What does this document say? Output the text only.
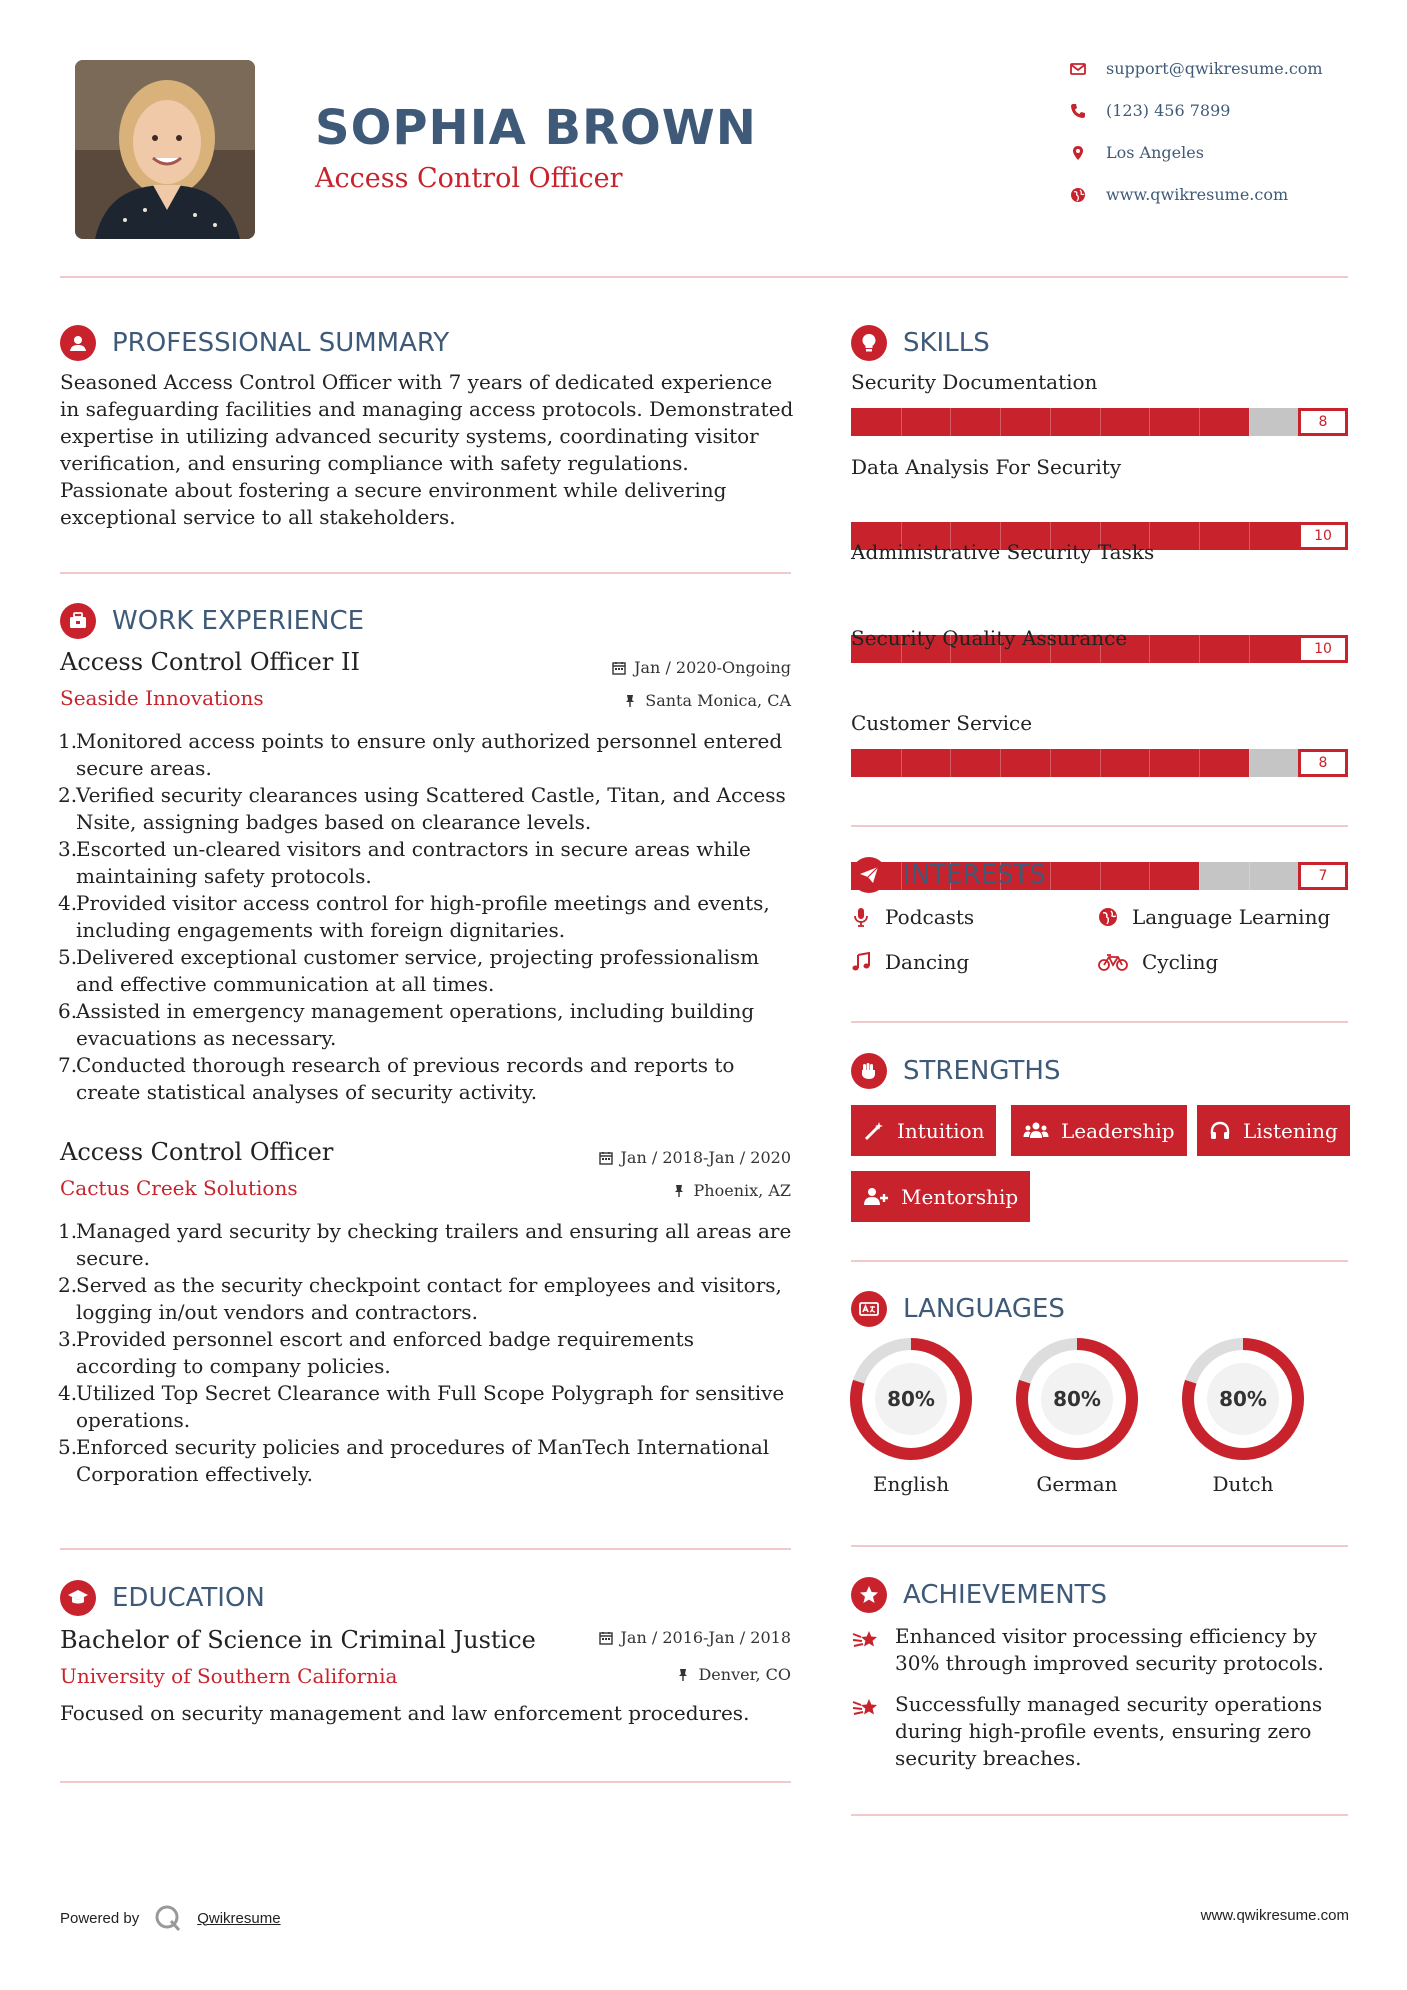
SOPHIA BROWN
Access Control Officer
support@qwikresume.com
(123) 456 7899
Los Angeles
www.qwikresume.com
PROFESSIONAL SUMMARY
Seasoned Access Control Officer with 7 years of dedicated experience in safeguarding facilities and managing access protocols. Demonstrated expertise in utilizing advanced security systems, coordinating visitor verification, and ensuring compliance with safety regulations. Passionate about fostering a secure environment while delivering exceptional service to all stakeholders.
WORK EXPERIENCE
Access Control Officer II	Jan / 2020-Ongoing
Seaside Innovations	Santa Monica, CA
1.
Monitored access points to ensure only authorized personnel entered secure areas.
2.
Verified security clearances using Scattered Castle, Titan, and Access Nsite, assigning badges based on clearance levels.
3.
Escorted un-cleared visitors and contractors in secure areas while maintaining safety protocols.
4.
Provided visitor access control for high-profile meetings and events, including engagements with foreign dignitaries.
5.
Delivered exceptional customer service, projecting professionalism and effective communication at all times.
6.
Assisted in emergency management operations, including building evacuations as necessary.
7.
Conducted thorough research of previous records and reports to create statistical analyses of security activity.
Access Control Officer	Jan / 2018-Jan / 2020
Cactus Creek Solutions	Phoenix, AZ
1.
Managed yard security by checking trailers and ensuring all areas are secure.
2.
Served as the security checkpoint contact for employees and visitors, logging in/out vendors and contractors.
3.
Provided personnel escort and enforced badge requirements according to company policies.
4.
Utilized Top Secret Clearance with Full Scope Polygraph for sensitive operations.
5.
Enforced security policies and procedures of ManTech International Corporation effectively.
EDUCATION
Bachelor of Science in Criminal Justice	Jan / 2016-Jan / 2018
University of Southern California	Denver, CO
Focused on security management and law enforcement procedures.
SKILLS
Security Documentation
8
Data Analysis For Security
10
Administrative Security Tasks
10
Security Quality Assurance
8
Customer Service
7
INTERESTS
Podcasts	Language Learning
Dancing	Cycling
STRENGTHS
Intuition	Leadership	Listening
Mentorship
LANGUAGES
80%	80%	80%
English	German	Dutch
ACHIEVEMENTS
Enhanced visitor processing efficiency by 30% through improved security protocols.
Successfully managed security operations during high-profile events, ensuring zero security breaches.
Powered by	Qwikresume	www.qwikresume.com
